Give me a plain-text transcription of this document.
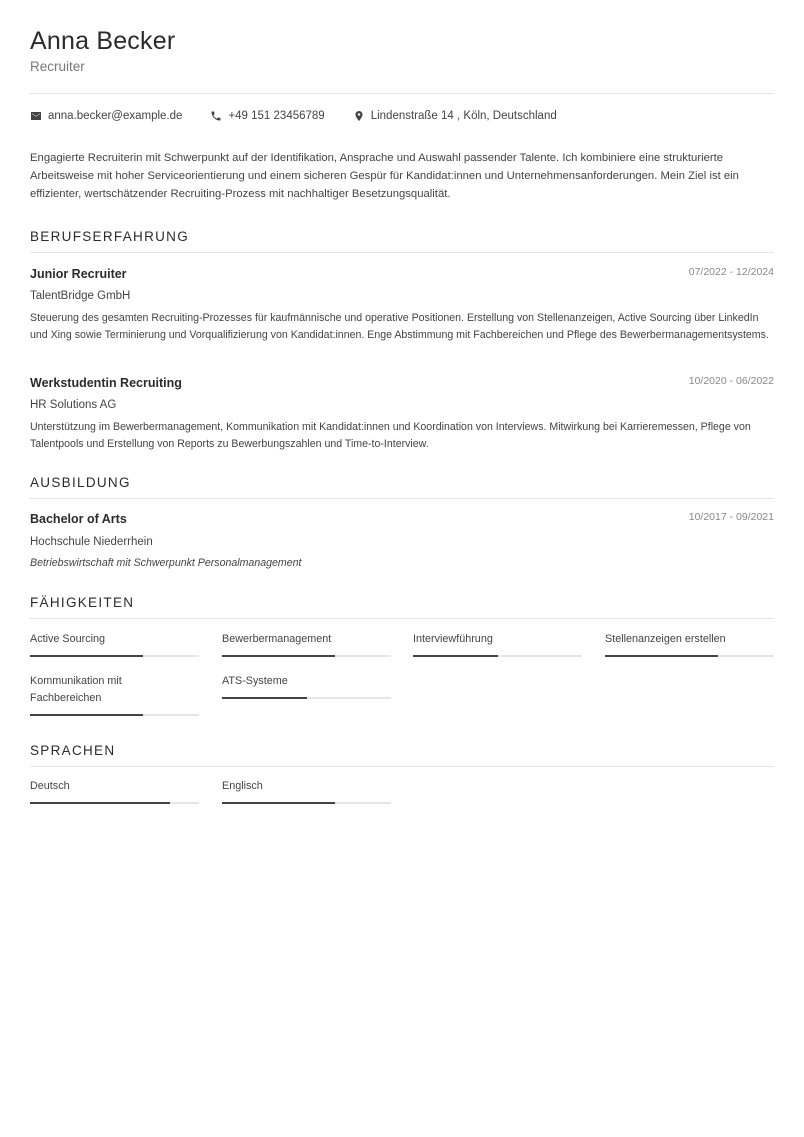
Anna Becker
Recruiter
anna.becker@example.de	+49 151 23456789	Lindenstraße 14 , Köln, Deutschland
Engagierte Recruiterin mit Schwerpunkt auf der Identifikation, Ansprache und Auswahl passender Talente. Ich kombiniere eine strukturierte Arbeitsweise mit hoher Serviceorientierung und einem sicheren Gespür für Kandidat:innen und Unternehmensanforderungen. Mein Ziel ist ein effizienter, wertschätzender Recruiting-Prozess mit nachhaltiger Besetzungsqualität.
BERUFSERFAHRUNG
Junior Recruiter	07/2022 - 12/2024
TalentBridge GmbH
Steuerung des gesamten Recruiting-Prozesses für kaufmännische und operative Positionen. Erstellung von Stellenanzeigen, Active Sourcing über LinkedIn und Xing sowie Terminierung und Vorqualifizierung von Kandidat:innen. Enge Abstimmung mit Fachbereichen und Pflege des Bewerbermanagementsystems.
Werkstudentin Recruiting	10/2020 - 06/2022
HR Solutions AG
Unterstützung im Bewerbermanagement, Kommunikation mit Kandidat:innen und Koordination von Interviews. Mitwirkung bei Karrieremessen, Pflege von Talentpools und Erstellung von Reports zu Bewerbungszahlen und Time-to-Interview.
AUSBILDUNG
Bachelor of Arts	10/2017 - 09/2021
Hochschule Niederrhein
Betriebswirtschaft mit Schwerpunkt Personalmanagement
FÄHIGKEITEN
Active Sourcing	Bewerbermanagement	Interviewführung	Stellenanzeigen erstellen
Kommunikation mit Fachbereichen
ATS-Systeme
SPRACHEN
Deutsch	Englisch
